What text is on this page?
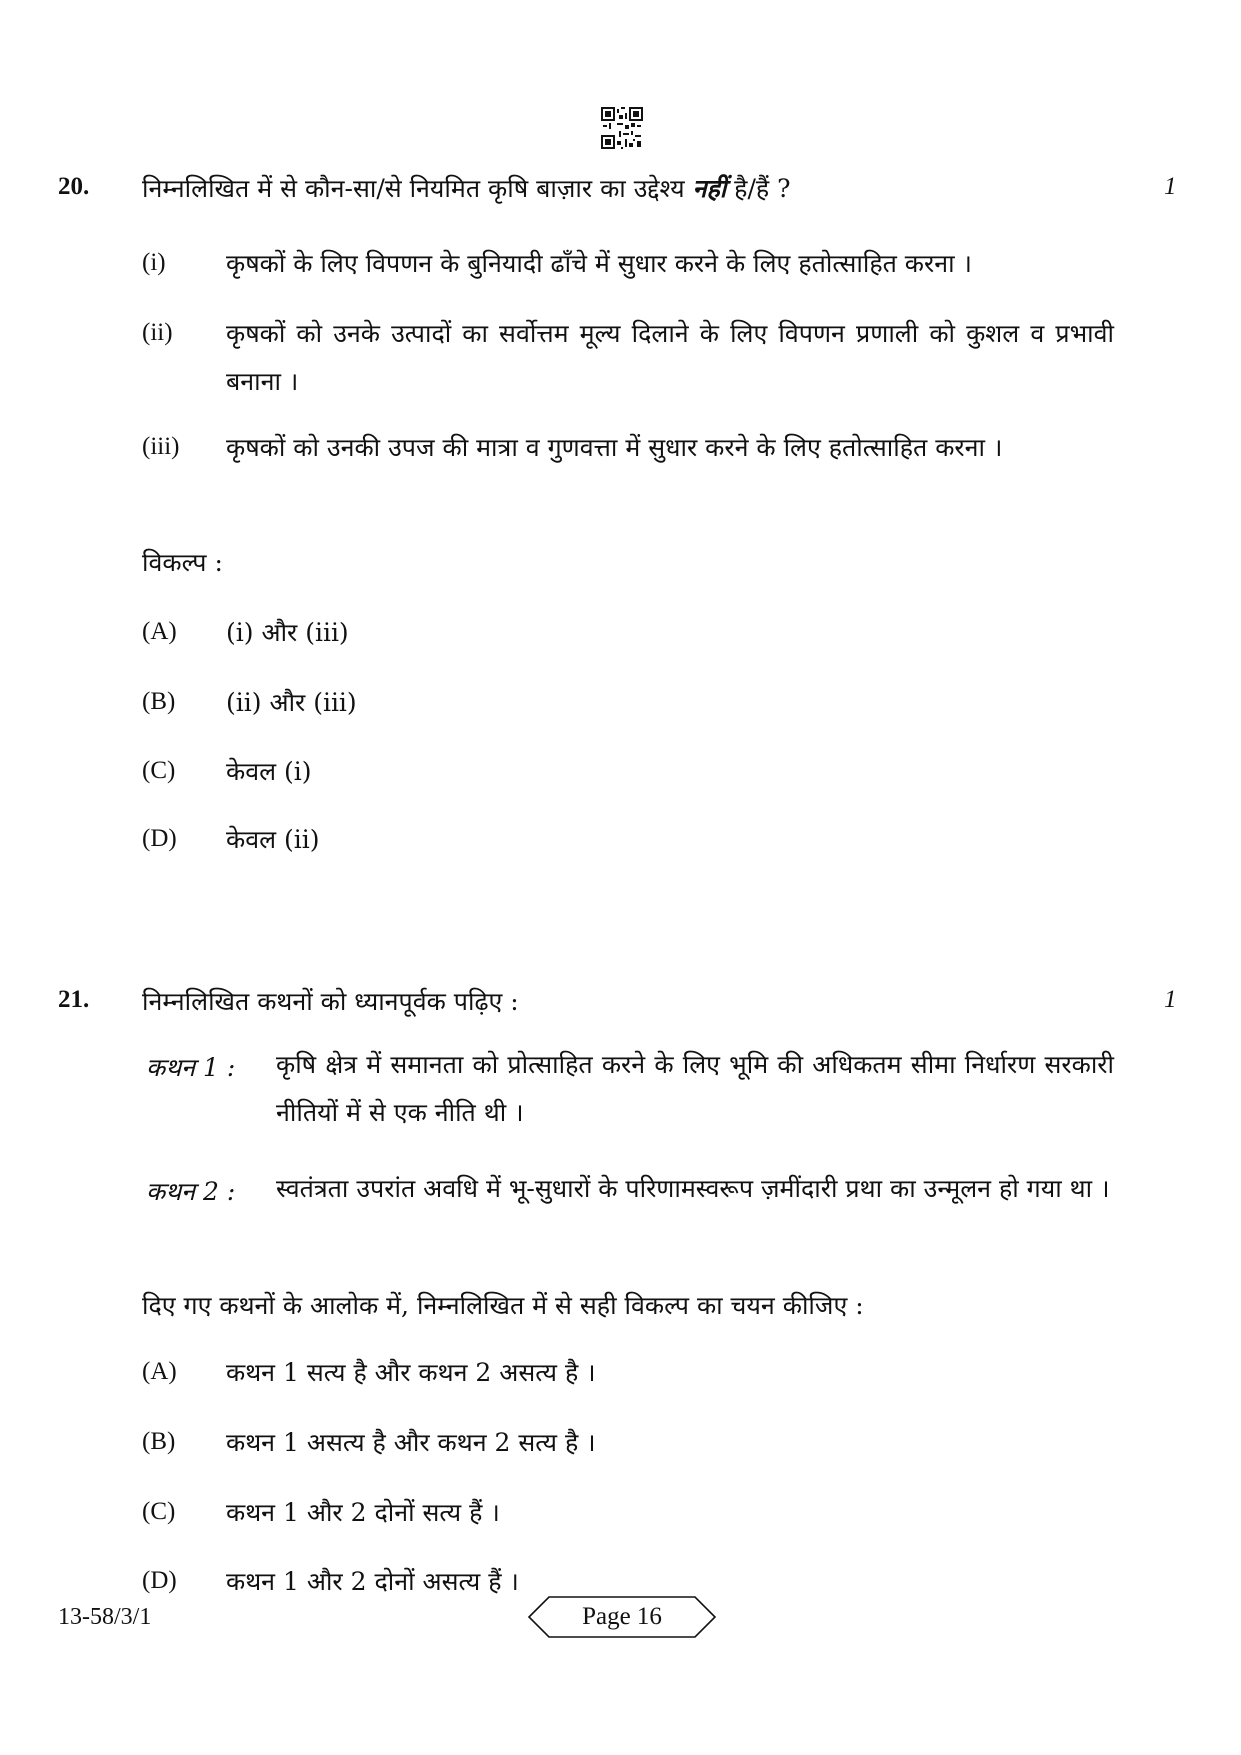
20. निम्नलिखित में से कौन-सा/से नियमित कृषि बाज़ार का उद्देश्य नहीं है/हैं ?	1
(i) कृषकों के लिए विपणन के बुनियादी ढाँचे में सुधार करने के लिए हतोत्साहित करना ।
(ii) कृषकों को उनके उत्पादों का सर्वोत्तम मूल्य दिलाने के लिए विपणन प्रणाली को कुशल व प्रभावी बनाना ।
(iii) कृषकों को उनकी उपज की मात्रा व गुणवत्ता में सुधार करने के लिए हतोत्साहित करना ।
विकल्प :
(A) (i) और (iii)
(B) (ii) और (iii)
(C) केवल (i)
(D) केवल (ii)
21. निम्नलिखित कथनों को ध्यानपूर्वक पढ़िए :	1
कथन 1 : कृषि क्षेत्र में समानता को प्रोत्साहित करने के लिए भूमि की अधिकतम सीमा निर्धारण सरकारी नीतियों में से एक नीति थी ।
कथन 2 : स्वतंत्रता उपरांत अवधि में भू-सुधारों के परिणामस्वरूप ज़मींदारी प्रथा का उन्मूलन हो गया था ।
दिए गए कथनों के आलोक में, निम्नलिखित में से सही विकल्प का चयन कीजिए :
(A) कथन 1 सत्य है और कथन 2 असत्य है ।
(B) कथन 1 असत्य है और कथन 2 सत्य है ।
(C) कथन 1 और 2 दोनों सत्य हैं ।
(D) कथन 1 और 2 दोनों असत्य हैं ।
13-58/3/1	Page 16
